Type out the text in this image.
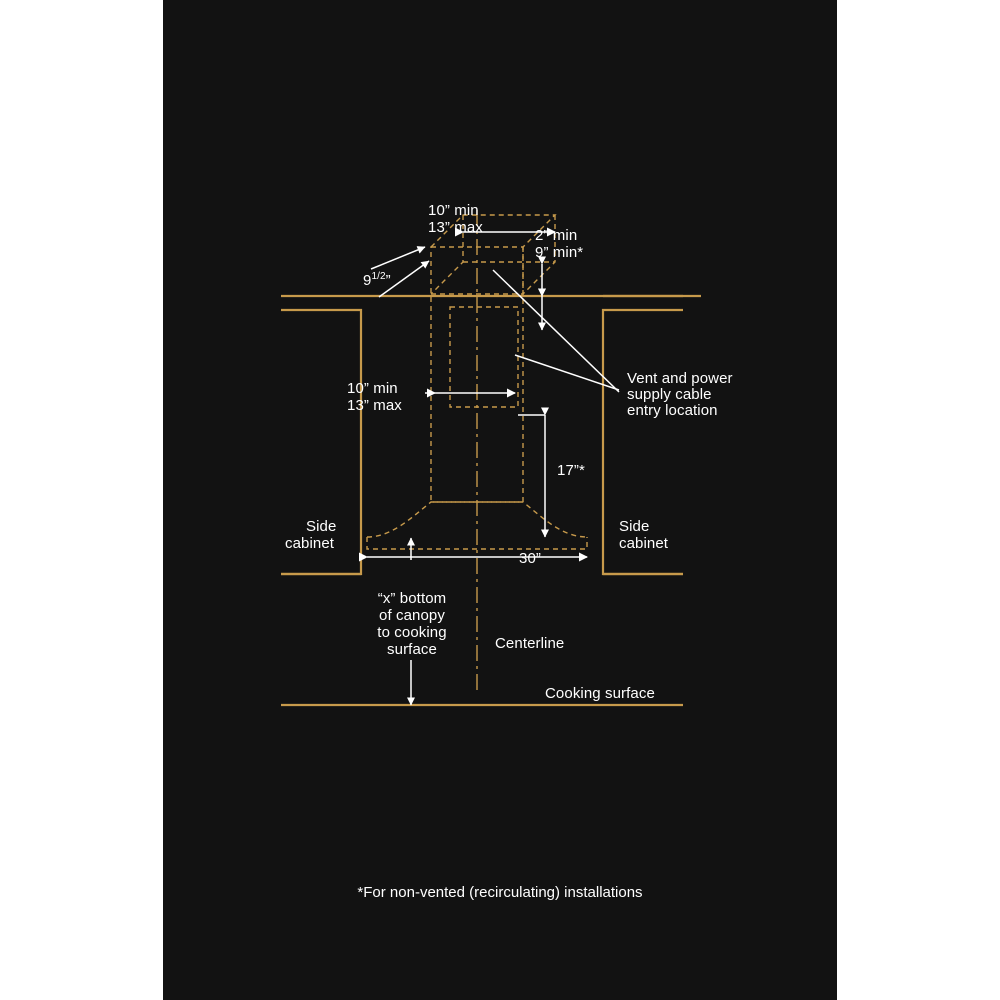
10” min
13” max	2” min
9” min*
$9^{1/2}$”
10” min
13” max
Vent and power
supply cable
entry location
17”*
Side
cabinet
Side
cabinet
30”
“x” bottom
of canopy
to cooking
surface	Centerline
Cooking surface
*For non-vented (recirculating) installations
